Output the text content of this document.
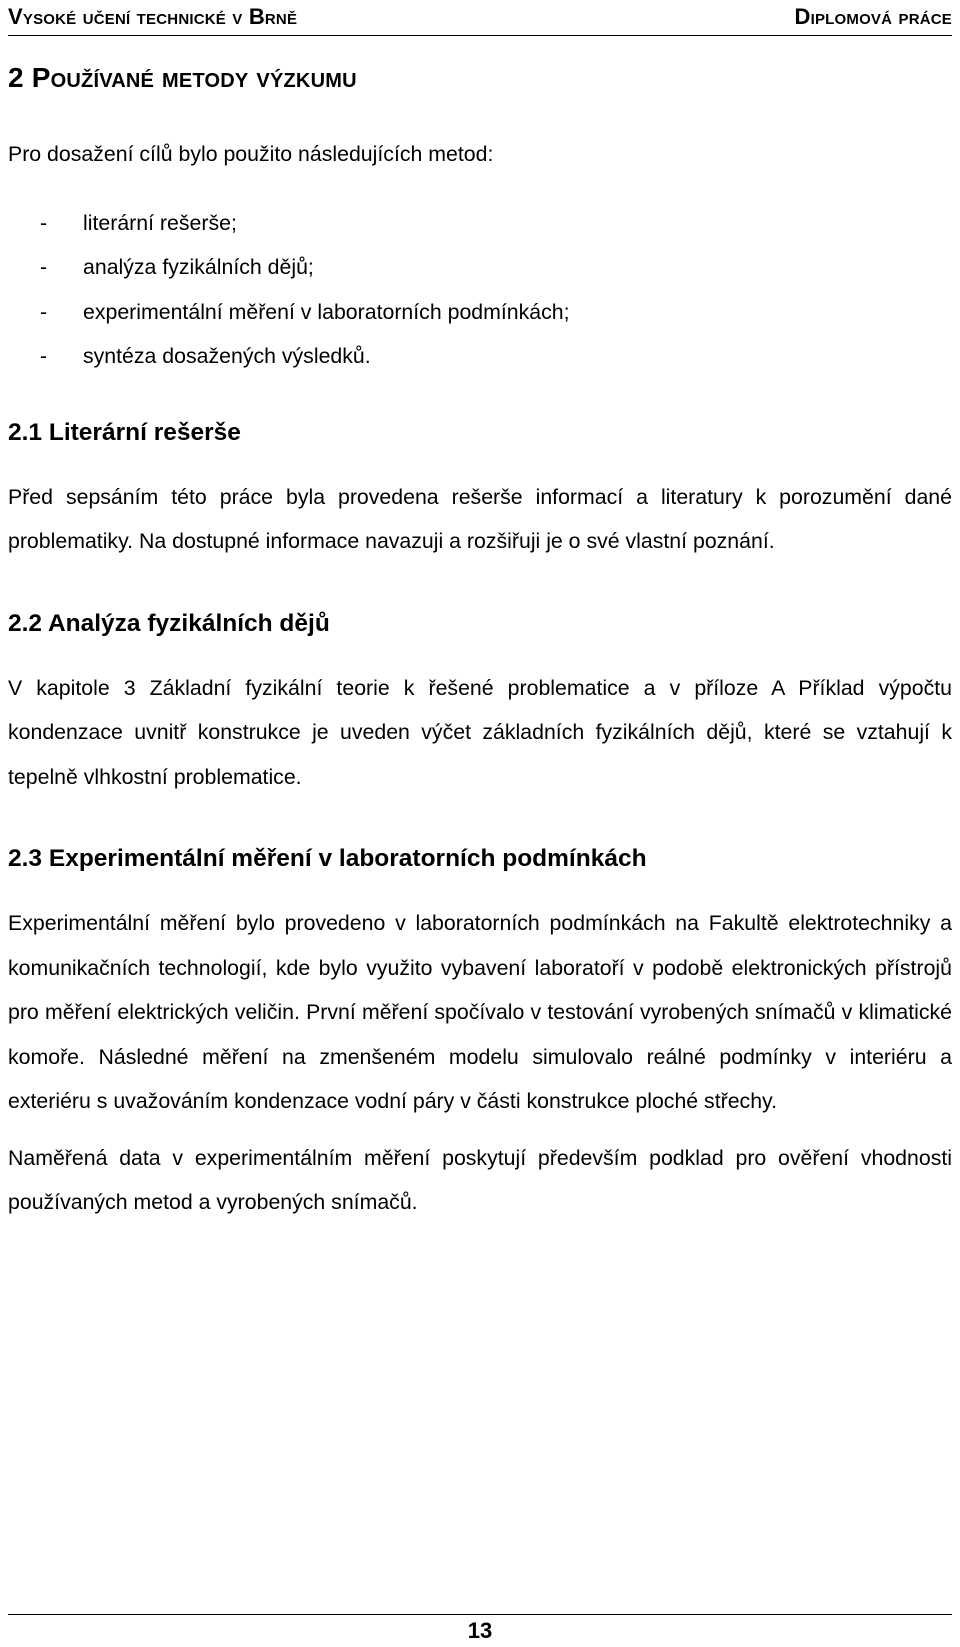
Vysoké učení technické v Brně	Diplomová práce
2 Používané metody výzkumu

Pro dosažení cílů bylo použito následujících metod:

-	literární rešerše;
-	analýza fyzikálních dějů;
-	experimentální měření v laboratorních podmínkách;
-	syntéza dosažených výsledků.
2.1 Literární rešerše

Před sepsáním této práce byla provedena rešerše informací a literatury k porozumění dané problematiky. Na dostupné informace navazuji a rozšiřuji je o své vlastní poznání.

2.2 Analýza fyzikálních dějů

V kapitole 3 Základní fyzikální teorie k řešené problematice a v příloze A Příklad výpočtu kondenzace uvnitř konstrukce je uveden výčet základních fyzikálních dějů, které se vztahují k tepelně vlhkostní problematice.

2.3 Experimentální měření v laboratorních podmínkách

Experimentální měření bylo provedeno v laboratorních podmínkách na Fakultě elektrotechniky a komunikačních technologií, kde bylo využito vybavení laboratoří v podobě elektronických přístrojů pro měření elektrických veličin. První měření spočívalo v testování vyrobených snímačů v klimatické komoře. Následné měření na zmenšeném modelu simulovalo reálné podmínky v interiéru a exteriéru s uvažováním kondenzace vodní páry v části konstrukce ploché střechy.

Naměřená data v experimentálním měření poskytují především podklad pro ověření vhodnosti používaných metod a vyrobených snímačů.

13
